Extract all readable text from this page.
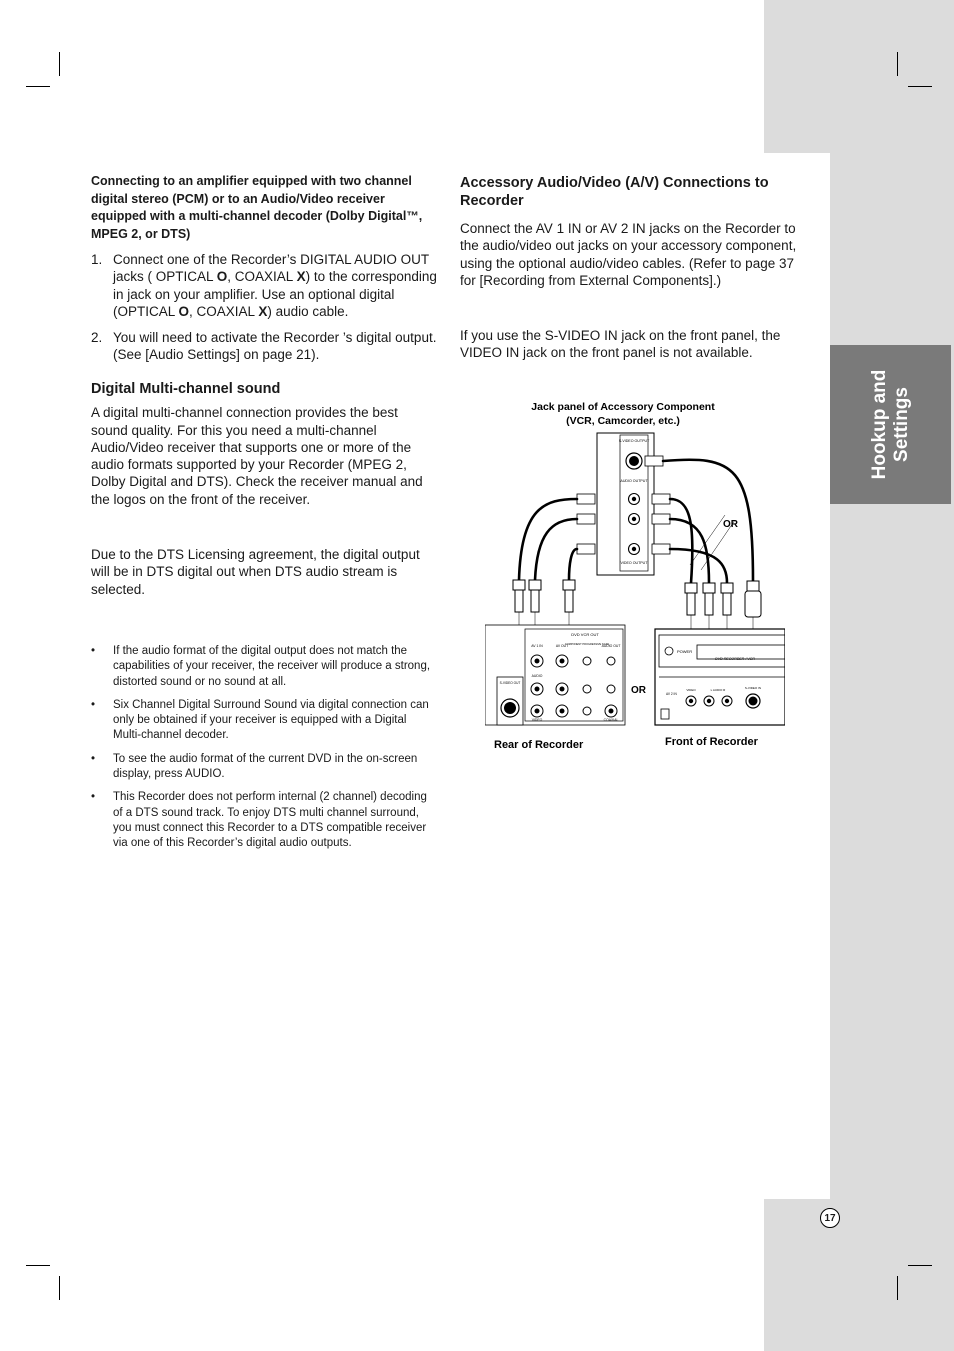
Hookup and Settings
17

Connecting to an amplifier equipped with two channel digital stereo (PCM) or to an Audio/Video receiver equipped with a multi-channel decoder (Dolby Digital™, MPEG 2, or DTS)

1. Connect one of the Recorder’s DIGITAL AUDIO OUT jacks ( OPTICAL O, COAXIAL X) to the corresponding in jack on your amplifier. Use an optional digital (OPTICAL O, COAXIAL X) audio cable.
2. You will need to activate the Recorder ’s digital output. (See [Audio Settings] on page 21).
Digital Multi-channel sound

A digital multi-channel connection provides the best sound quality. For this you need a multi-channel Audio/Video receiver that supports one or more of the audio formats supported by your Recorder (MPEG 2, Dolby Digital and DTS). Check the receiver manual and the logos on the front of the receiver.

Due to the DTS Licensing agreement, the digital output will be in DTS digital out when DTS audio stream is selected.

•	If the audio format of the digital output does not match the capabilities of your receiver, the receiver will produce a strong, distorted sound or no sound at all.
•	Six Channel Digital Surround Sound via digital connection can only be obtained if your receiver is equipped with a Digital Multi-channel decoder.
•	To see the audio format of the current DVD in the on-screen display, press AUDIO.
•	This Recorder does not perform internal (2 channel) decoding of a DTS sound track. To enjoy DTS multi channel surround, you must connect this Recorder to a DTS compatible receiver via one of this Recorder’s digital audio outputs.
Accessory Audio/Video (A/V) Connections to Recorder

Connect the AV 1 IN or AV 2 IN jacks on the Recorder to the audio/video out jacks on your accessory component, using the optional audio/video cables. (Refer to page 37 for [Recording from External Components].)

If you use the S-VIDEO IN jack on the front panel, the VIDEO IN jack on the front panel is not available.

Jack panel of Accessory Component
(VCR, Camcorder, etc.)
S-VIDEO OUTPUT
AUDIO OUTPUT
VIDEO OUTPUT
OR
DVD VCR OUT
AV 1 IN	AV OUT
COMPONENT PROGRESSIVE SCAN
AUDIO OUT
AUDIO
VIDEO	COAXIAL
S-VIDEO OUT
Rear of Recorder
OR
POWER
DVD RECORDER / VCR
AV 2 IN
VIDEO	L AUDIO R	S-VIDEO IN
Front of Recorder
